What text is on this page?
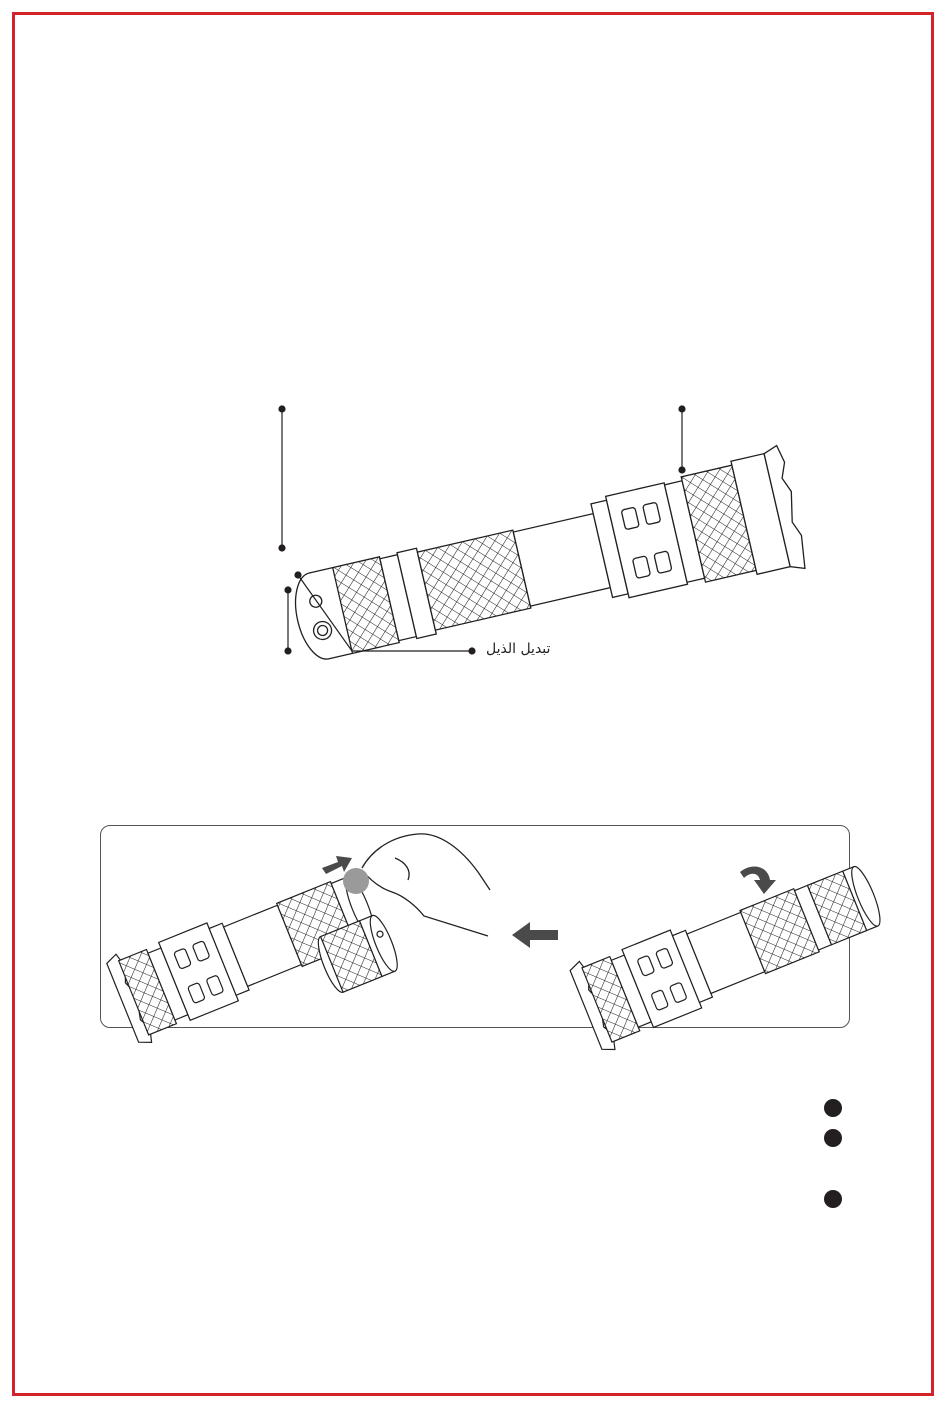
تبديل الذيل
